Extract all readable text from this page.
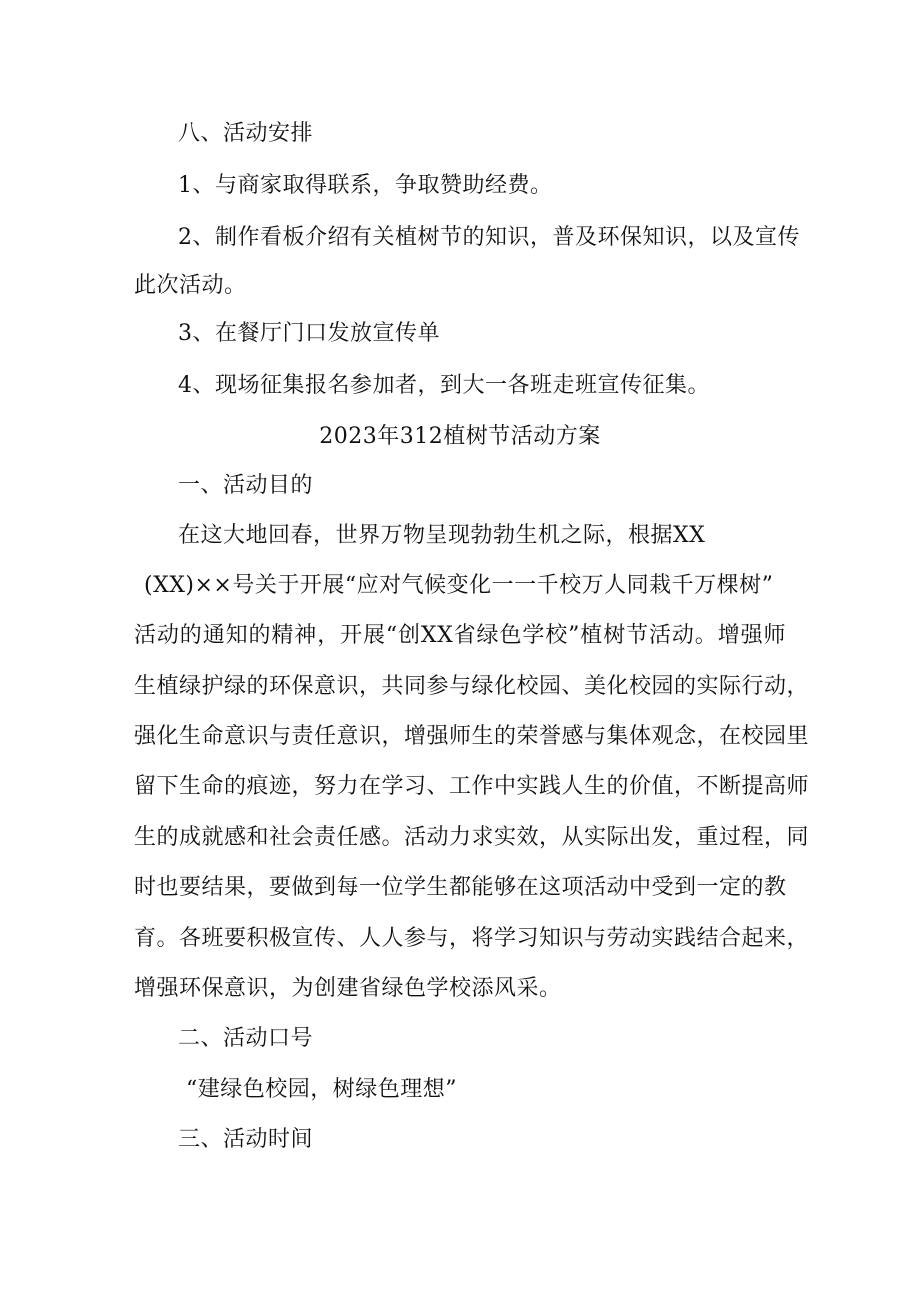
八、活动安排
1、与商家取得联系，争取赞助经费。
2、制作看板介绍有关植树节的知识，普及环保知识，以及宣传
此次活动。
3、在餐厅门口发放宣传单
4、现场征集报名参加者，到大一各班走班宣传征集。
2023年312植树节活动方案
一、活动目的
在这大地回春，世界万物呈现勃勃生机之际，根据XX
(XX)××号关于开展“应对气候变化一一千校万人同栽千万棵树”
活动的通知的精神，开展“创XX省绿色学校”植树节活动。增强师
生植绿护绿的环保意识，共同参与绿化校园、美化校园的实际行动，
强化生命意识与责任意识，增强师生的荣誉感与集体观念，在校园里
留下生命的痕迹，努力在学习、工作中实践人生的价值，不断提高师
生的成就感和社会责任感。活动力求实效，从实际出发，重过程，同
时也要结果，要做到每一位学生都能够在这项活动中受到一定的教
育。各班要积极宣传、人人参与，将学习知识与劳动实践结合起来，
增强环保意识，为创建省绿色学校添风采。
二、活动口号
“建绿色校园，树绿色理想”
三、活动时间
